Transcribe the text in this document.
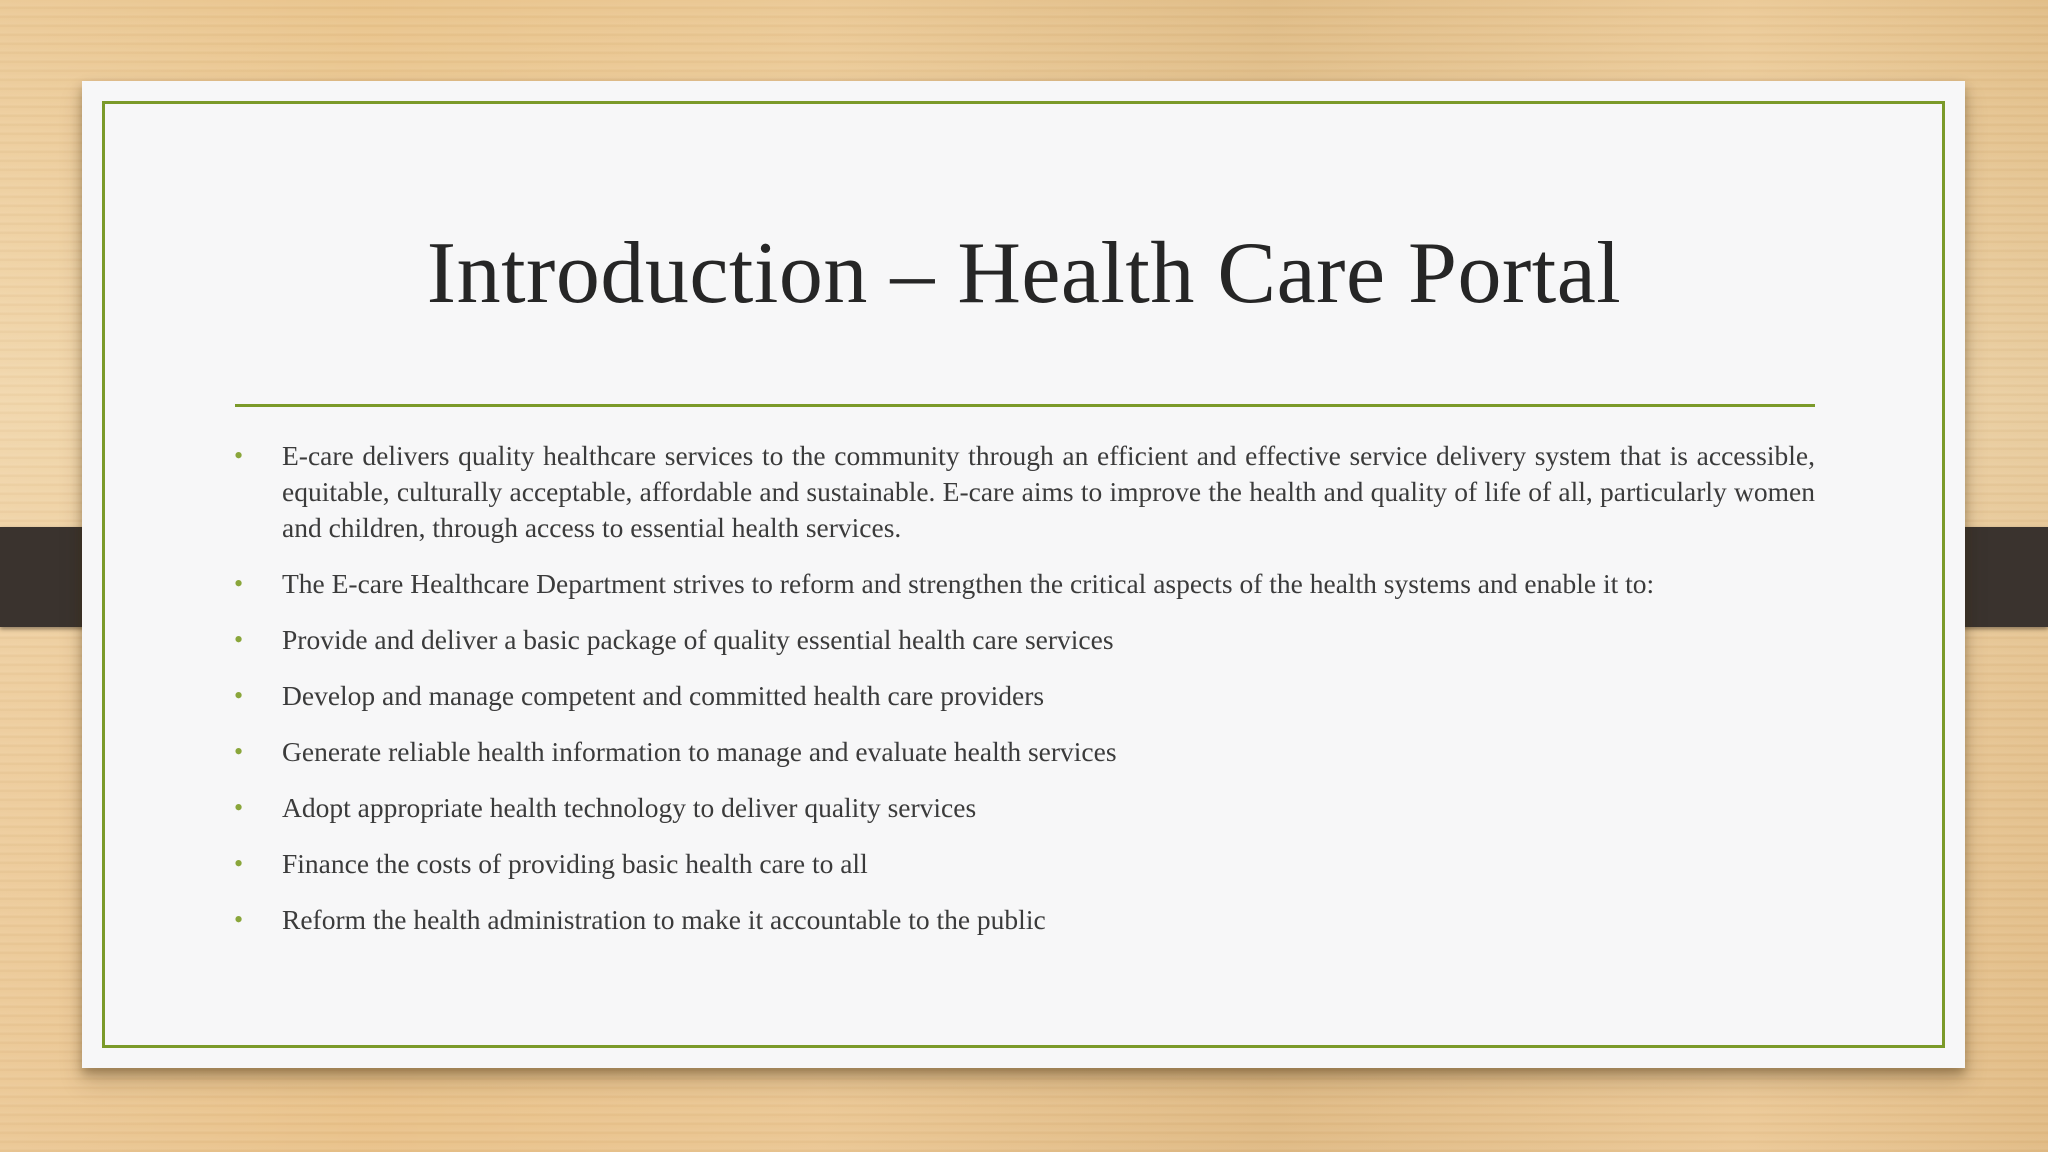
Introduction – Health Care Portal
• E-care delivers quality healthcare services to the community through an efficient and effective service delivery system that is accessible, equitable, culturally acceptable, affordable and sustainable. E-care aims to improve the health and quality of life of all, particularly women and children, through access to essential health services.
• The E-care Healthcare Department strives to reform and strengthen the critical aspects of the health systems and enable it to:
• Provide and deliver a basic package of quality essential health care services
• Develop and manage competent and committed health care providers
• Generate reliable health information to manage and evaluate health services
• Adopt appropriate health technology to deliver quality services
• Finance the costs of providing basic health care to all
• Reform the health administration to make it accountable to the public
